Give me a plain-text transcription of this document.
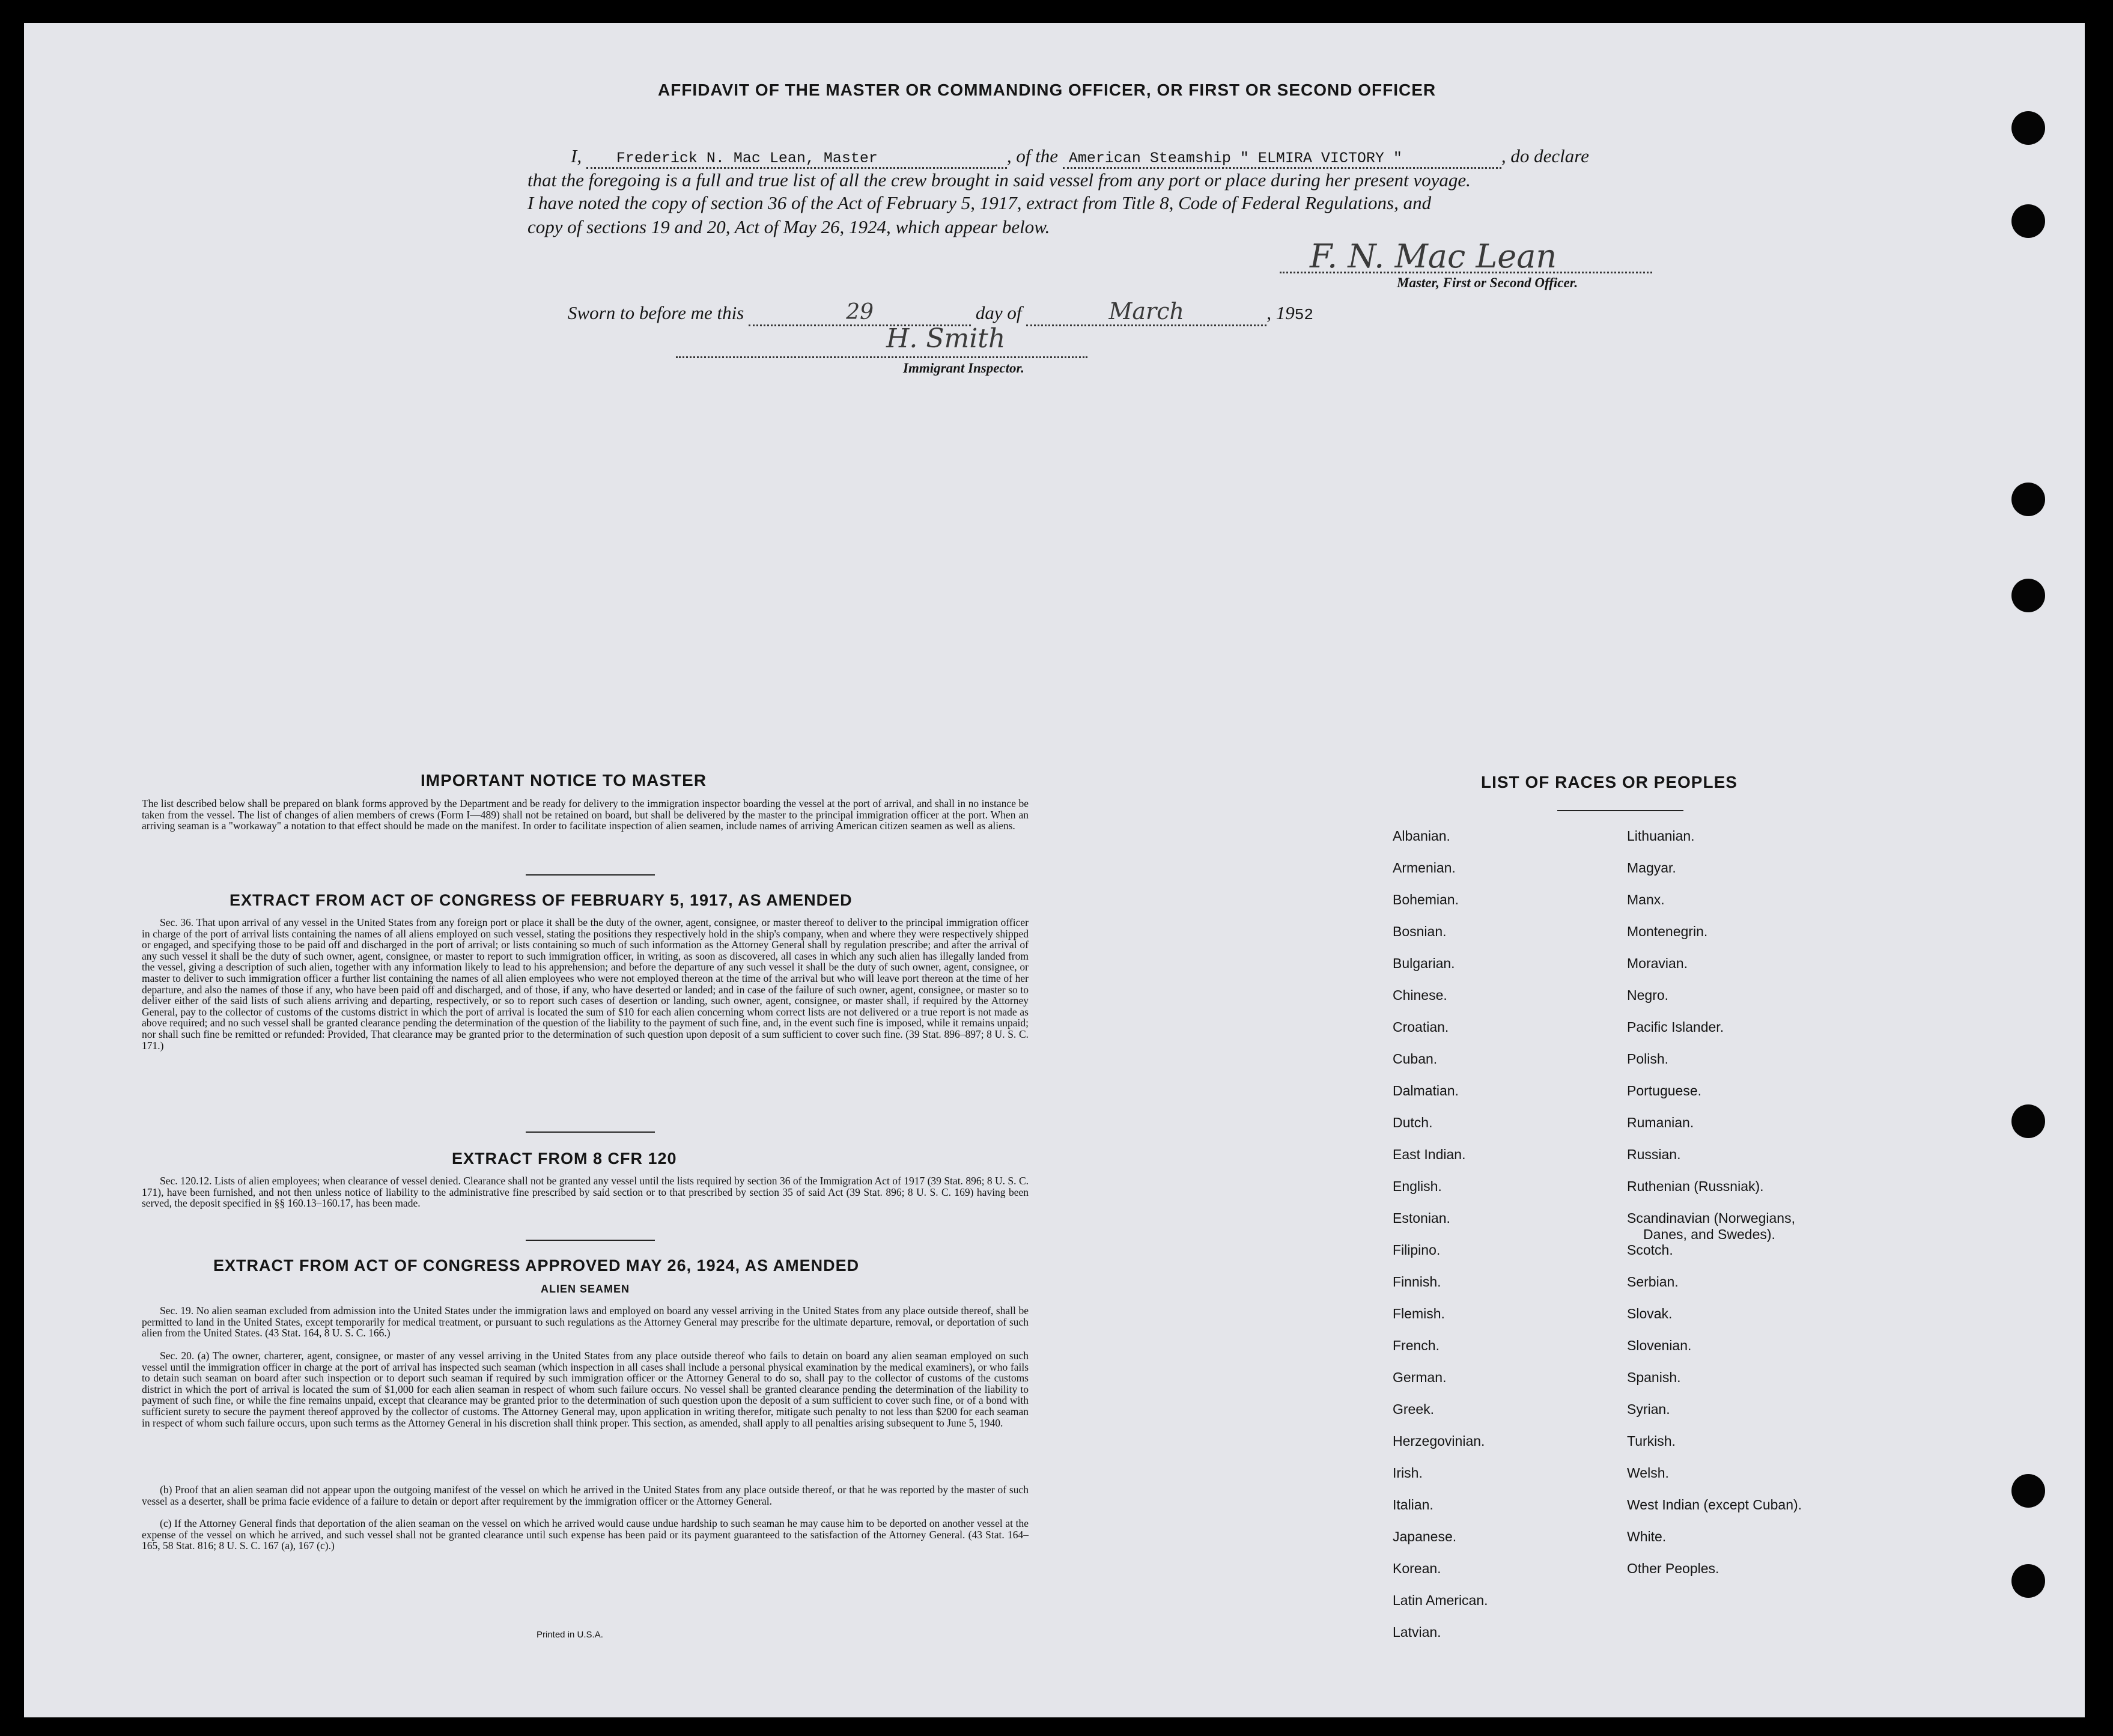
AFFIDAVIT OF THE MASTER OR COMMANDING OFFICER, OR FIRST OR SECOND OFFICER
I, Frederick N. Mac Lean, Master	, of the American Steamship " ELMIRA VICTORY "	, do declare
that the foregoing is a full and true list of all the crew brought in said vessel from any port or place during her present voyage.
I have noted the copy of section 36 of the Act of February 5, 1917, extract from Title 8, Code of Federal Regulations, and
copy of sections 19 and 20, Act of May 26, 1924, which appear below.
F. N. Mac Lean
Master, First or Second Officer.
Sworn to before me this	29	day of	March	, 1952
H. Smith
Immigrant Inspector.
IMPORTANT NOTICE TO MASTER
The list described below shall be prepared on blank forms approved by the Department and be ready for delivery to the immigration inspector boarding the vessel at the port of arrival, and shall in no instance be taken from the vessel. The list of changes of alien members of crews (Form I—489) shall not be retained on board, but shall be delivered by the master to the principal immigration officer at the port. When an arriving seaman is a "workaway" a notation to that effect should be made on the manifest. In order to facilitate inspection of alien seamen, include names of arriving American citizen seamen as well as aliens.
EXTRACT FROM ACT OF CONGRESS OF FEBRUARY 5, 1917, AS AMENDED
Sec. 36. That upon arrival of any vessel in the United States from any foreign port or place it shall be the duty of the owner, agent, consignee, or master thereof to deliver to the principal immigration officer in charge of the port of arrival lists containing the names of all aliens employed on such vessel, stating the positions they respectively hold in the ship's company, when and where they were respectively shipped or engaged, and specifying those to be paid off and discharged in the port of arrival; or lists containing so much of such information as the Attorney General shall by regulation prescribe; and after the arrival of any such vessel it shall be the duty of such owner, agent, consignee, or master to report to such immigration officer, in writing, as soon as discovered, all cases in which any such alien has illegally landed from the vessel, giving a description of such alien, together with any information likely to lead to his apprehension; and before the departure of any such vessel it shall be the duty of such owner, agent, consignee, or master to deliver to such immigration officer a further list containing the names of all alien employees who were not employed thereon at the time of the arrival but who will leave port thereon at the time of her departure, and also the names of those if any, who have been paid off and discharged, and of those, if any, who have deserted or landed; and in case of the failure of such owner, agent, consignee, or master so to deliver either of the said lists of such aliens arriving and departing, respectively, or so to report such cases of desertion or landing, such owner, agent, consignee, or master shall, if required by the Attorney General, pay to the collector of customs of the customs district in which the port of arrival is located the sum of $10 for each alien concerning whom correct lists are not delivered or a true report is not made as above required; and no such vessel shall be granted clearance pending the determination of the question of the liability to the payment of such fine, and, in the event such fine is imposed, while it remains unpaid; nor shall such fine be remitted or refunded: Provided, That clearance may be granted prior to the determination of such question upon deposit of a sum sufficient to cover such fine. (39 Stat. 896–897; 8 U. S. C. 171.)
EXTRACT FROM 8 CFR 120
Sec. 120.12. Lists of alien employees; when clearance of vessel denied. Clearance shall not be granted any vessel until the lists required by section 36 of the Immigration Act of 1917 (39 Stat. 896; 8 U. S. C. 171), have been furnished, and not then unless notice of liability to the administrative fine prescribed by said section or to that prescribed by section 35 of said Act (39 Stat. 896; 8 U. S. C. 169) having been served, the deposit specified in §§ 160.13–160.17, has been made.
EXTRACT FROM ACT OF CONGRESS APPROVED MAY 26, 1924, AS AMENDED
ALIEN SEAMEN
Sec. 19. No alien seaman excluded from admission into the United States under the immigration laws and employed on board any vessel arriving in the United States from any place outside thereof, shall be permitted to land in the United States, except temporarily for medical treatment, or pursuant to such regulations as the Attorney General may prescribe for the ultimate departure, removal, or deportation of such alien from the United States. (43 Stat. 164, 8 U. S. C. 166.)
Sec. 20. (a) The owner, charterer, agent, consignee, or master of any vessel arriving in the United States from any place outside thereof who fails to detain on board any alien seaman employed on such vessel until the immigration officer in charge at the port of arrival has inspected such seaman (which inspection in all cases shall include a personal physical examination by the medical examiners), or who fails to detain such seaman on board after such inspection or to deport such seaman if required by such immigration officer or the Attorney General to do so, shall pay to the collector of customs of the customs district in which the port of arrival is located the sum of $1,000 for each alien seaman in respect of whom such failure occurs. No vessel shall be granted clearance pending the determination of the liability to payment of such fine, or while the fine remains unpaid, except that clearance may be granted prior to the determination of such question upon the deposit of a sum sufficient to cover such fine, or of a bond with sufficient surety to secure the payment thereof approved by the collector of customs. The Attorney General may, upon application in writing therefor, mitigate such penalty to not less than $200 for each seaman in respect of whom such failure occurs, upon such terms as the Attorney General in his discretion shall think proper. This section, as amended, shall apply to all penalties arising subsequent to June 5, 1940.
(b) Proof that an alien seaman did not appear upon the outgoing manifest of the vessel on which he arrived in the United States from any place outside thereof, or that he was reported by the master of such vessel as a deserter, shall be prima facie evidence of a failure to detain or deport after requirement by the immigration officer or the Attorney General.
(c) If the Attorney General finds that deportation of the alien seaman on the vessel on which he arrived would cause undue hardship to such seaman he may cause him to be deported on another vessel at the expense of the vessel on which he arrived, and such vessel shall not be granted clearance until such expense has been paid or its payment guaranteed to the satisfaction of the Attorney General. (43 Stat. 164–165, 58 Stat. 816; 8 U. S. C. 167 (a), 167 (c).)
Printed in U.S.A.
LIST OF RACES OR PEOPLES
Albanian.
Armenian.
Bohemian.
Bosnian.
Bulgarian.
Chinese.
Croatian.
Cuban.
Dalmatian.
Dutch.
East Indian.
English.
Estonian.
Filipino.
Finnish.
Flemish.
French.
German.
Greek.
Herzegovinian.
Irish.
Italian.
Japanese.
Korean.
Latin American.
Latvian.
Lithuanian.
Magyar.
Manx.
Montenegrin.
Moravian.
Negro.
Pacific Islander.
Polish.
Portuguese.
Rumanian.
Russian.
Ruthenian (Russniak).
Scandinavian (Norwegians,
Danes, and Swedes).
Scotch.
Serbian.
Slovak.
Slovenian.
Spanish.
Syrian.
Turkish.
Welsh.
West Indian (except Cuban).
White.
Other Peoples.
